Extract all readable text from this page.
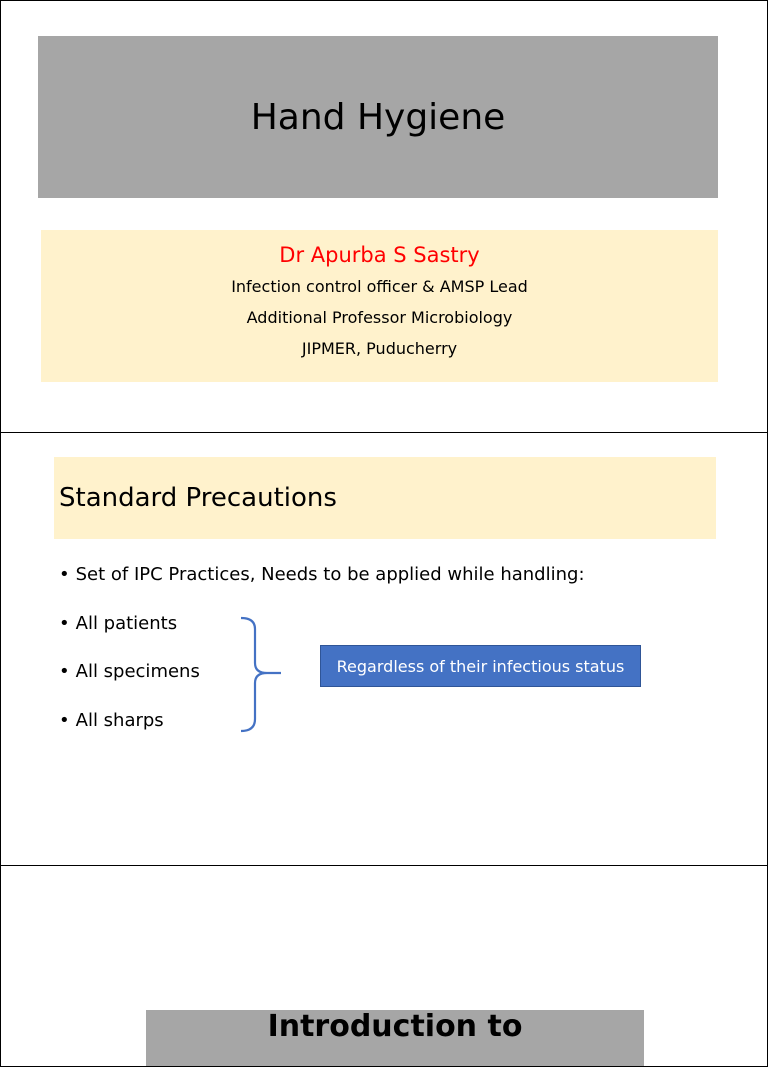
Hand Hygiene
Dr Apurba S Sastry
Infection control officer & AMSP Lead
Additional Professor Microbiology
JIPMER, Puducherry
Standard Precautions
• Set of IPC Practices, Needs to be applied while handling:
• All patients
• All specimens
• All sharps
Regardless of their infectious status
Introduction to
